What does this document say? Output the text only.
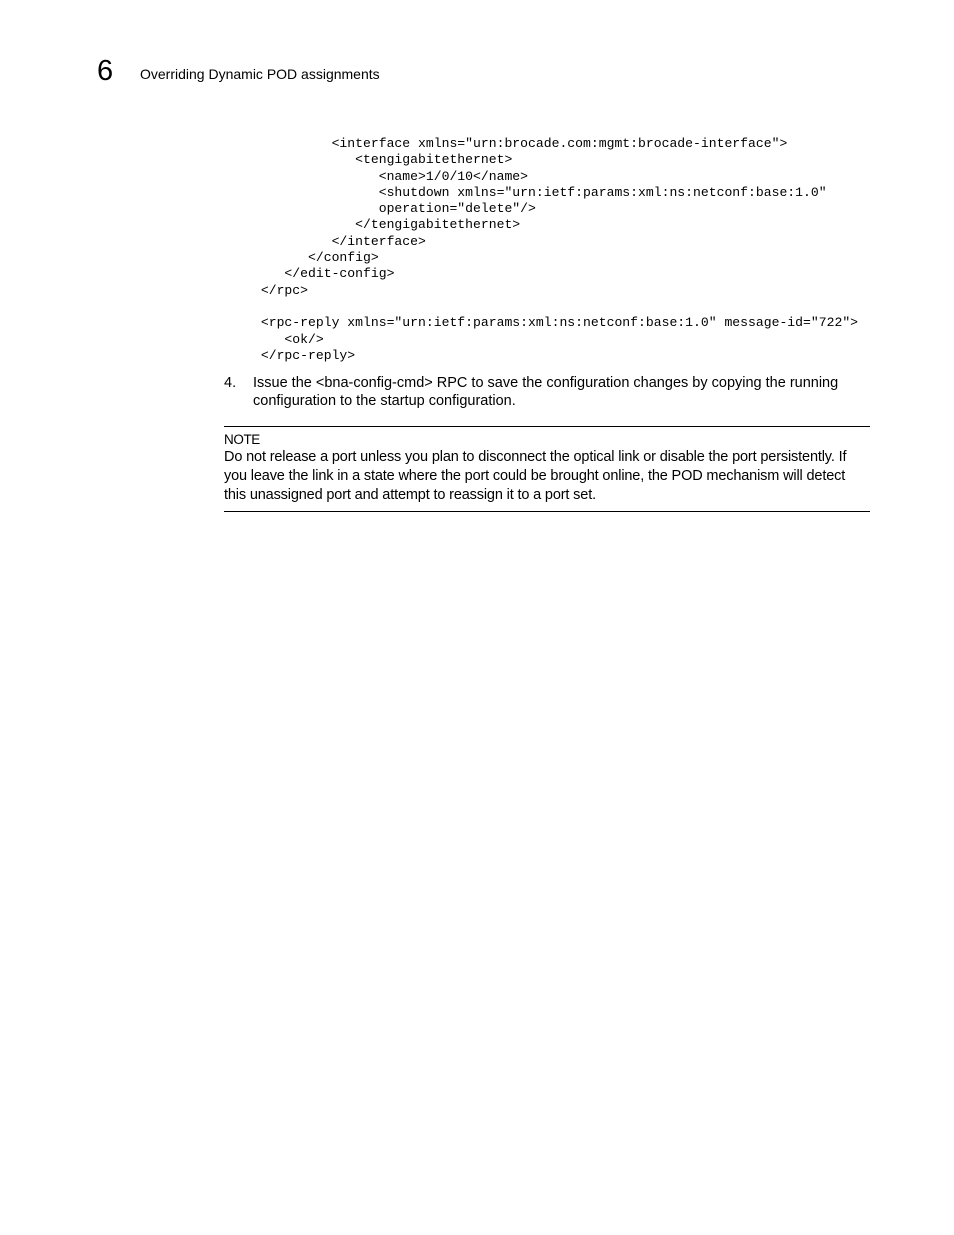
6 Overriding Dynamic POD assignments
<interface xmlns="urn:brocade.com:mgmt:brocade-interface">
<tengigabitethernet>
<name>1/0/10</name>
<shutdown xmlns="urn:ietf:params:xml:ns:netconf:base:1.0"
operation="delete"/>
</tengigabitethernet>
</interface>
</config>
</edit-config>
</rpc>
<rpc-reply xmlns="urn:ietf:params:xml:ns:netconf:base:1.0" message-id="722">
<ok/>
</rpc-reply>
4. Issue the <bna-config-cmd> RPC to save the configuration changes by copying the running configuration to the startup configuration.
NOTE
Do not release a port unless you plan to disconnect the optical link or disable the port persistently. If you leave the link in a state where the port could be brought online, the POD mechanism will detect this unassigned port and attempt to reassign it to a port set.
